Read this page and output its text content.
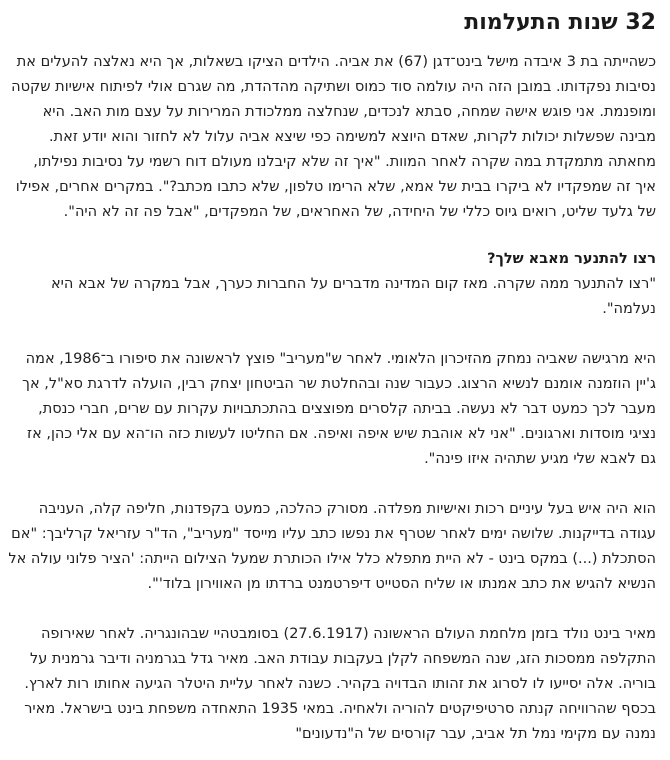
32 שנות התעלמות

כשהייתה בת 3 איבדה מישל בינט־דגן (67) את אביה. הילדים הציקו בשאלות, אך היא נאלצה להעלים את נסיבות נפקדותו. במובן הזה היה עולמה סוד כמוס ושתיקה מהדהדת, מה שגרם אולי לפיתוח אישיות שקטה ומופנמת. אני פוגש אישה שמחה, סבתא לנכדים, שנחלצה ממלכודת המרירות על עצם מות האב. היא מבינה שפשלות יכולות לקרות, שאדם היוצא למשימה כפי שיצא אביה עלול לא לחזור והוא יודע זאת. מחאתה מתמקדת במה שקרה לאחר המוות. "איך זה שלא קיבלנו מעולם דוח רשמי על נסיבות נפילתו, איך זה שמפקדיו לא ביקרו בבית של אמא, שלא הרימו טלפון, שלא כתבו מכתב?". במקרים אחרים, אפילו של גלעד שליט, רואים גיוס כללי של היחידה, של האחראים, של המפקדים, "אבל פה זה לא היה".

רצו להתנער מאבא שלך?

"רצו להתנער ממה שקרה. מאז קום המדינה מדברים על החברות כערך, אבל במקרה של אבא היא נעלמה".

היא מרגישה שאביה נמחק מהזיכרון הלאומי. לאחר ש"מעריב" פוצץ לראשונה את סיפורו ב־1986, אמה ג'יין הוזמנה אומנם לנשיא הרצוג. כעבור שנה ובהחלטת שר הביטחון יצחק רבין, הועלה לדרגת סא"ל, אך מעבר לכך כמעט דבר לא נעשה. בביתה קלסרים מפוצצים בהתכתבויות עקרות עם שרים, חברי כנסת, נציגי מוסדות וארגונים. "אני לא אוהבת שיש איפה ואיפה. אם החליטו לעשות כזה הו־הא עם אלי כהן, אז גם לאבא שלי מגיע שתהיה איזו פינה".

הוא היה איש בעל עיניים רכות ואישיות מפלדה. מסורק כהלכה, כמעט בקפדנות, חליפה קלה, העניבה עגודה בדייקנות. שלושה ימים לאחר שטרף את נפשו כתב עליו מייסד "מעריב", הד"ר עזריאל קרליבך: "אם הסתכלת (...) במקס בינט - לא היית מתפלא כלל אילו הכותרת שמעל הצילום הייתה: 'הציר פלוני עולה אל הנשיא להגיש את כתב אמנתו או שליח הסטייט דיפרטמנט ברדתו מן האווירון בלוד'".

מאיר בינט נולד בזמן מלחמת העולם הראשונה (27.6.1917) בסומבטהיי שבהונגריה. לאחר שאירופה התקלפה ממסכות הזג, שנה המשפחה לקלן בעקבות עבודת האב. מאיר גדל בגרמניה ודיבר גרמנית על בוריה. אלה יסייעו לו לסרוג את זהותו הבדויה בקהיר. כשנה לאחר עליית היטלר הגיעה אחותו רות לארץ. בכסף שהרוויחה קנתה סרטיפיקטים להוריה ולאחיה. במאי 1935 התאחדה משפחת בינט בישראל. מאיר נמנה עם מקימי נמל תל אביב, עבר קורסים של ה"נדעונים"
